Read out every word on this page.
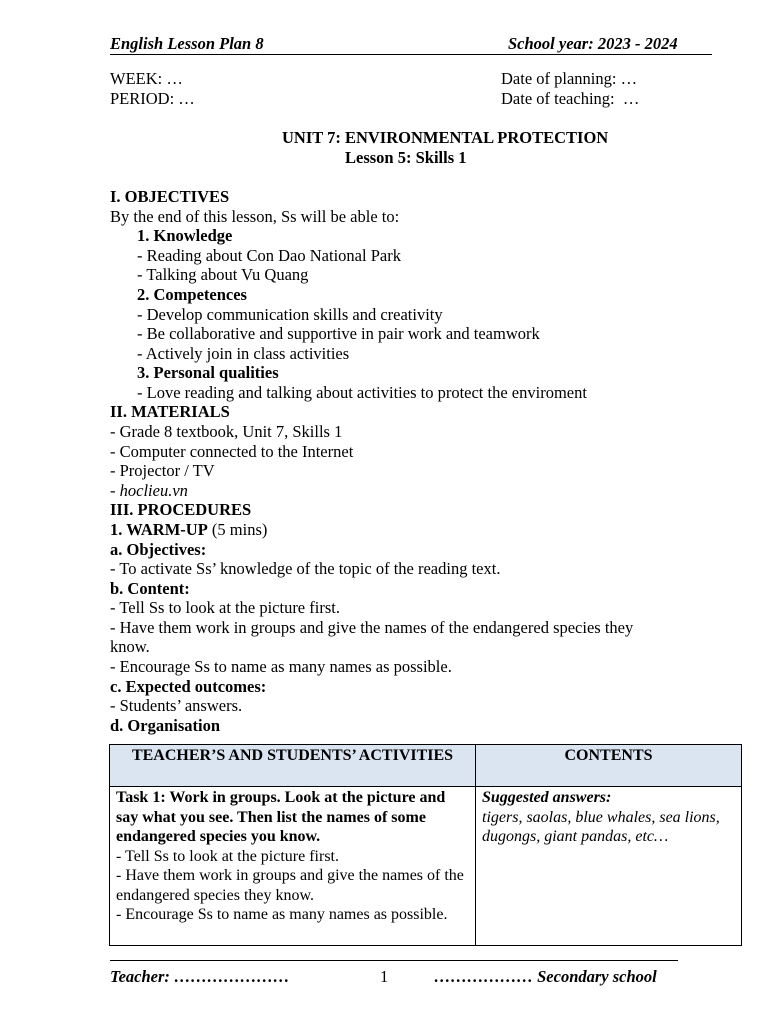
English Lesson Plan 8	School year: 2023 - 2024
WEEK: …
PERIOD: …
Date of planning: …
Date of teaching:  …
UNIT 7: ENVIRONMENTAL PROTECTION
Lesson 5: Skills 1
I. OBJECTIVES
By the end of this lesson, Ss will be able to:
1. Knowledge
- Reading about Con Dao National Park
- Talking about Vu Quang
2. Competences
- Develop communication skills and creativity
- Be collaborative and supportive in pair work and teamwork
- Actively join in class activities
3. Personal qualities
- Love reading and talking about activities to protect the enviroment
II. MATERIALS
- Grade 8 textbook, Unit 7, Skills 1
- Computer connected to the Internet
- Projector / TV
- hoclieu.vn
III. PROCEDURES
1. WARM-UP (5 mins)
a. Objectives:
- To activate Ss’ knowledge of the topic of the reading text.
b. Content:
- Tell Ss to look at the picture first.
- Have them work in groups and give the names of the endangered species they
know.
- Encourage Ss to name as many names as possible.
c. Expected outcomes:
- Students’ answers.
d. Organisation
TEACHER’S AND STUDENTS’ ACTIVITIES	CONTENTS

Task 1: Work in groups. Look at the picture and say what you see. Then list the names of some endangered species you know.
- Tell Ss to look at the picture first.
- Have them work in groups and give the names of the endangered species they know.
- Encourage Ss to name as many names as possible.	Suggested answers:
tigers, saolas, blue whales, sea lions, dugongs, giant pandas, etc…
Teacher: …………………	1	……………… Secondary school
